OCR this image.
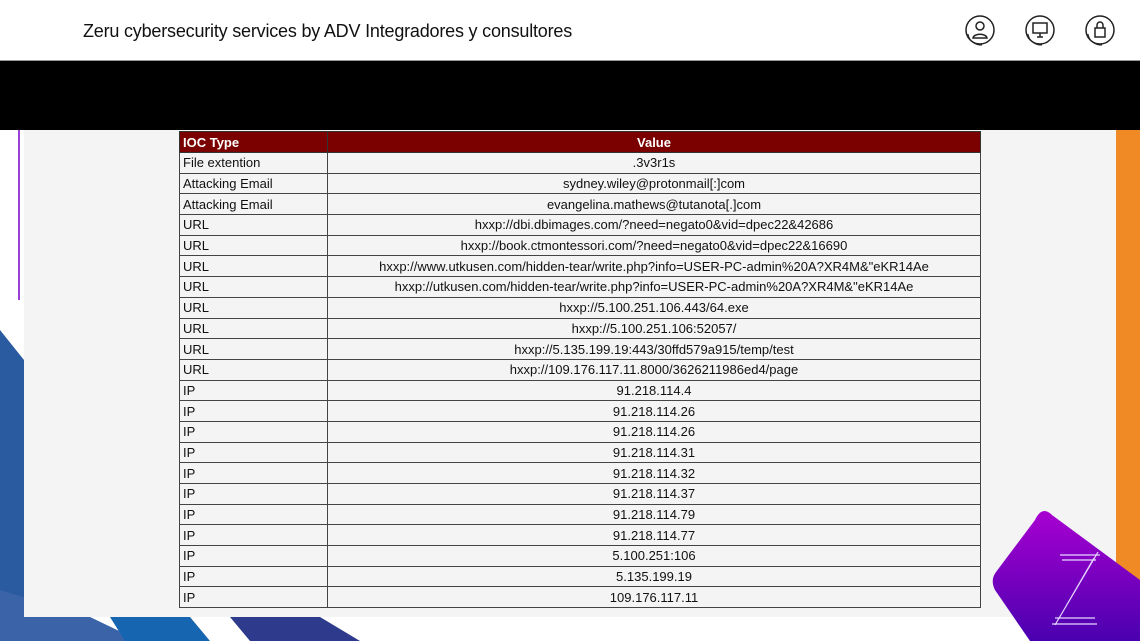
Zeru cybersecurity services by ADV Integradores y consultores
IOC Type	Value
File extention	.3v3r1s
Attacking Email	sydney.wiley@protonmail[:]com
Attacking Email	evangelina.mathews@tutanota[.]com
URL	hxxp://dbi.dbimages.com/?need=negato0&vid=dpec22&42686
URL	hxxp://book.ctmontessori.com/?need=negato0&vid=dpec22&16690
URL	hxxp://www.utkusen.com/hidden-tear/write.php?info=USER-PC-admin%20A?XR4M&"eKR14Ae
URL	hxxp://utkusen.com/hidden-tear/write.php?info=USER-PC-admin%20A?XR4M&"eKR14Ae
URL	hxxp://5.100.251.106.443/64.exe
URL	hxxp://5.100.251.106:52057/
URL	hxxp://5.135.199.19:443/30ffd579a915/temp/test
URL	hxxp://109.176.117.11.8000/3626211986ed4/page
IP	91.218.114.4
IP	91.218.114.26
IP	91.218.114.26
IP	91.218.114.31
IP	91.218.114.32
IP	91.218.114.37
IP	91.218.114.79
IP	91.218.114.77
IP	5.100.251:106
IP	5.135.199.19
IP	109.176.117.11
